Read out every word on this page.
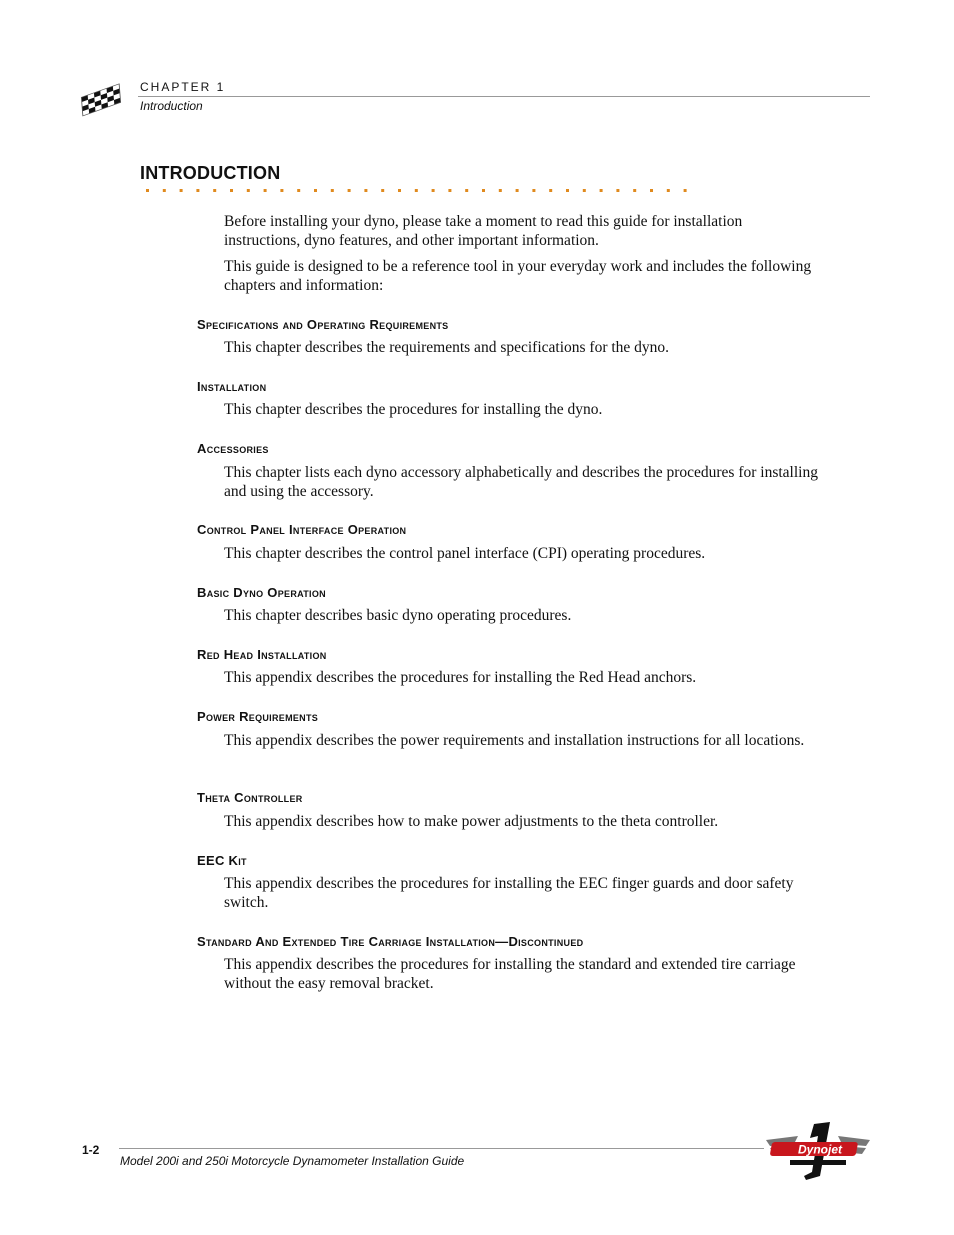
CHAPTER 1
Introduction
INTRODUCTION

Before installing your dyno, please take a moment to read this guide for installation instructions, dyno features, and other important information.

This guide is designed to be a reference tool in your everyday work and includes the following chapters and information:

Specifications and Operating Requirements

This chapter describes the requirements and specifications for the dyno.

Installation

This chapter describes the procedures for installing the dyno.

Accessories

This chapter lists each dyno accessory alphabetically and describes the procedures for installing and using the accessory.

Control Panel Interface Operation

This chapter describes the control panel interface (CPI) operating procedures.

Basic Dyno Operation

This chapter describes basic dyno operating procedures.

Red Head Installation

This appendix describes the procedures for installing the Red Head anchors.

Power Requirements

This appendix describes the power requirements and installation instructions for all locations.

Theta Controller

This appendix describes how to make power adjustments to the theta controller.

EEC Kit

This appendix describes the procedures for installing the EEC finger guards and door safety switch.

Standard And Extended Tire Carriage Installation—Discontinued

This appendix describes the procedures for installing the standard and extended tire carriage without the easy removal bracket.

1-2
Model 200i and 250i Motorcycle Dynamometer Installation Guide
Dynojet
